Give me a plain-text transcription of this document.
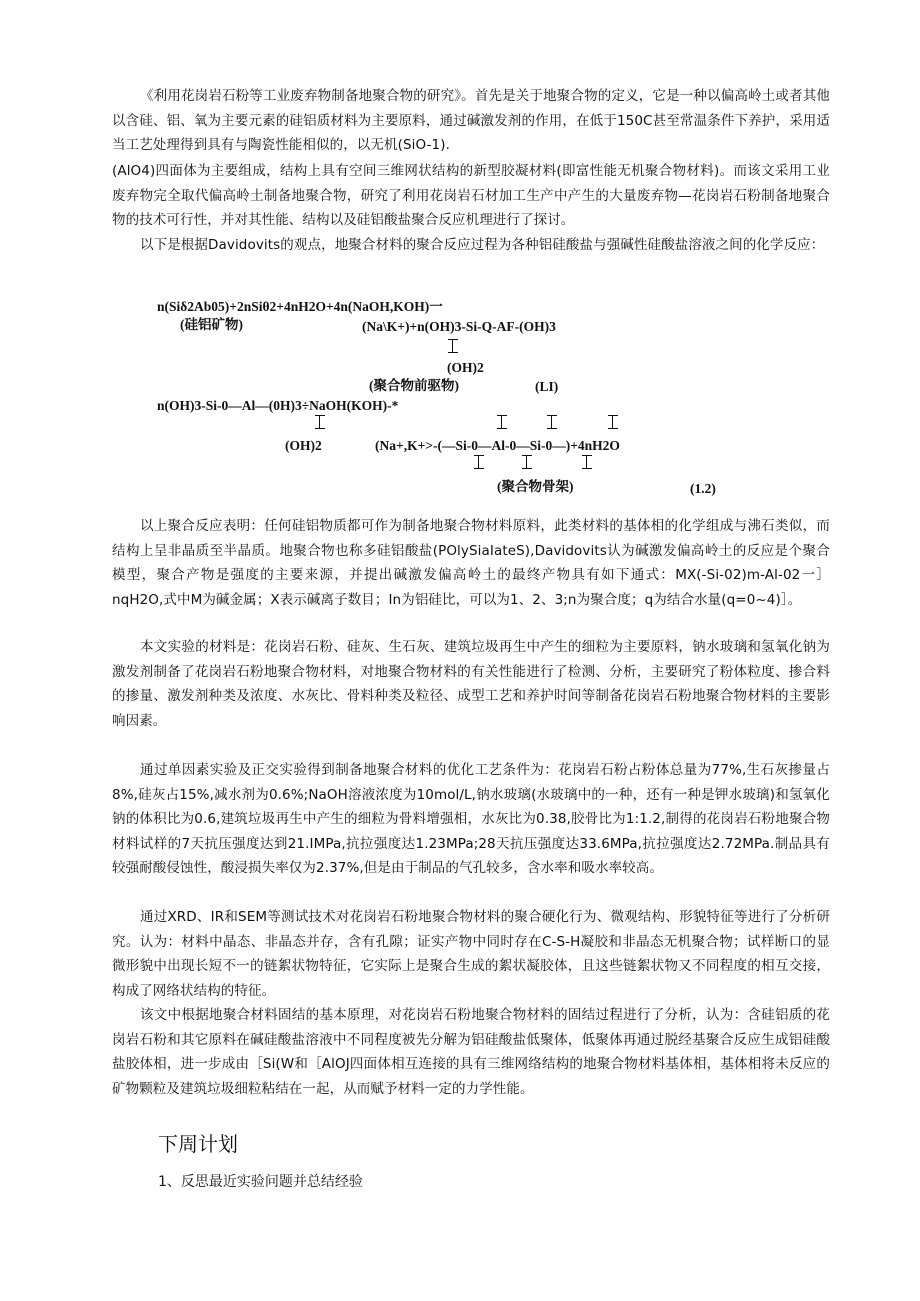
《利用花岗岩石粉等工业废弃物制备地聚合物的研究》。首先是关于地聚合物的定义，它是一种以偏高岭土或者其他以含硅、铝、氧为主要元素的硅铝质材料为主要原料，通过碱激发剂的作用，在低于150C甚至常温条件下养护，采用适当工艺处理得到具有与陶瓷性能相似的，以无机(SiO-1).

(AlO4)四面体为主要组成，结构上具有空间三维网状结构的新型胶凝材料(即富性能无机聚合物材料)。而该文采用工业废弃物完全取代偏高岭土制备地聚合物，研究了利用花岗岩石材加工生产中产生的大量废弃物—花岗岩石粉制备地聚合物的技术可行性，并对其性能、结构以及硅铝酸盐聚合反应机理进行了探讨。

以下是根据Davidovits的观点，地聚合材料的聚合反应过程为各种铝硅酸盐与强碱性硅酸盐溶液之间的化学反应：

n(Siδ2Ab05)+2nSiθ2+4nH2O+4n(NaOH,KOH)一
(硅铝矿物)	(Na\K+)+n(OH)3-Si-Q-AF-(OH)3
(OH)2
(聚合物前驱物)	(LI)
n(OH)3-Si-0—Al—(0H)3÷NaOH(KOH)-*
(OH)2	(Na+,K+>-(—Si-0—Al-0—Si-0—)+4nH2O
(聚合物骨架)	(1.2)

以上聚合反应表明：任何硅铝物质都可作为制备地聚合物材料原料，此类材料的基体相的化学组成与沸石类似，而结构上呈非晶质至半晶质。地聚合物也称多硅铝酸盐(POlySiaIateS),Davidovits认为碱激发偏高岭土的反应是个聚合模型，聚合产物是强度的主要来源，并提出碱激发偏高岭土的最终产物具有如下通式：MX(-Si-02)m-Al-02一］nqH2O,式中M为碱金属；X表示碱离子数目；In为铝硅比，可以为1、2、3;n为聚合度；q为结合水量(q=0~4)］。

本文实验的材料是：花岗岩石粉、硅灰、生石灰、建筑垃圾再生中产生的细粒为主要原料，钠水玻璃和氢氧化钠为激发剂制备了花岗岩石粉地聚合物材料，对地聚合物材料的有关性能进行了检测、分析，主要研究了粉体粒度、掺合料的掺量、激发剂种类及浓度、水灰比、骨料种类及粒径、成型工艺和养护时间等制备花岗岩石粉地聚合物材料的主要影响因素。

通过单因素实验及正交实验得到制备地聚合材料的优化工艺条件为：花岗岩石粉占粉体总量为77%,生石灰掺量占8%,硅灰占15%,减水剂为0.6%;NaOH溶液浓度为10mol∕L,钠水玻璃(水玻璃中的一种，还有一种是钾水玻璃)和氢氧化钠的体积比为0.6,建筑垃圾再生中产生的细粒为骨料增强相，水灰比为0.38,胶骨比为1:1.2,制得的花岗岩石粉地聚合物材料试样的7天抗压强度达到21.IMPa,抗拉强度达1.23MPa;28天抗压强度达33.6MPa,抗拉强度达2.72MPa.制品具有较强耐酸侵蚀性，酸浸损失率仅为2.37%,但是由于制品的气孔较多，含水率和吸水率较高。

通过XRD、IR和SEM等测试技术对花岗岩石粉地聚合物材料的聚合硬化行为、微观结构、形貌特征等进行了分析研究。认为：材料中晶态、非晶态并存，含有孔隙；证实产物中同时存在C-S-H凝胶和非晶态无机聚合物；试样断口的显微形貌中出现长短不一的链絮状物特征，它实际上是聚合生成的絮状凝胶体，且这些链絮状物又不同程度的相互交接，构成了网络状结构的特征。

该文中根据地聚合材料固结的基本原理，对花岗岩石粉地聚合物材料的固结过程进行了分析，认为：含硅铝质的花岗岩石粉和其它原料在碱硅酸盐溶液中不同程度被先分解为铝硅酸盐低聚体，低聚体再通过脱经基聚合反应生成铝硅酸盐胶体相，进一步成由［Si(W和［AlOJ四面体相互连接的具有三维网络结构的地聚合物材料基体相，基体相将未反应的矿物颗粒及建筑垃圾细粒粘结在一起，从而赋予材料一定的力学性能。

下周计划
1、反思最近实验问题并总结经验
